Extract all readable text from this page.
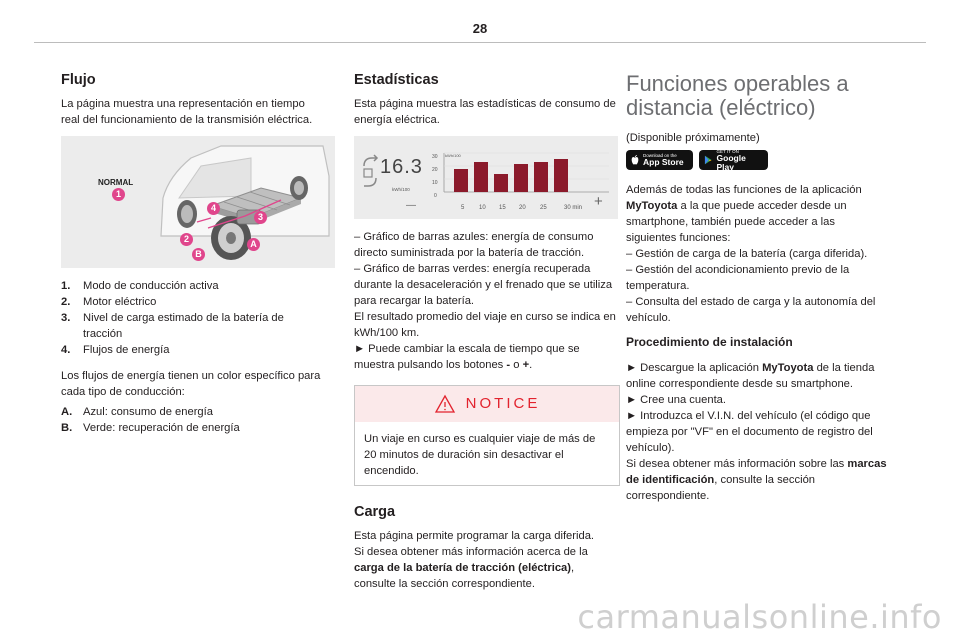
28
Flujo

La página muestra una representación en tiempo real del funcionamiento de la transmisión eléctrica.

NORMAL
1
4
3
2	A
B
1.	Modo de conducción activa
2.	Motor eléctrico
3.	Nivel de carga estimado de la batería de tracción
4.	Flujos de energía

Los flujos de energía tienen un color específico para cada tipo de conducción:

A. Azul: consumo de energía
B. Verde: recuperación de energía
Estadísticas

Esta página muestra las estadísticas de consumo de energía eléctrica.

16.3
kWh/100
kWh/100
30
20
10
0
—	5 10 15 20 25	30 min +

– Gráfico de barras azules: energía de consumo directo suministrada por la batería de tracción.

– Gráfico de barras verdes: energía recuperada durante la desaceleración y el frenado que se utiliza para recargar la batería.

El resultado promedio del viaje en curso se indica en kWh/100 km.

► Puede cambiar la escala de tiempo que se muestra pulsando los botones - o +.

NOTICE
Un viaje en curso es cualquier viaje de más de 20 minutos de duración sin desactivar el encendido.
Carga

Esta página permite programar la carga diferida.

Si desea obtener más información acerca de la carga de la batería de tracción (eléctrica), consulte la sección correspondiente.

Funciones operables a distancia (eléctrico)

(Disponible próximamente)

Download on the
App Store
GET IT ON
Google Play

Además de todas las funciones de la aplicación MyToyota a la que puede acceder desde un smartphone, también puede acceder a las siguientes funciones:

– Gestión de carga de la batería (carga diferida).

– Gestión del acondicionamiento previo de la temperatura.

– Consulta del estado de carga y la autonomía del vehículo.

Procedimiento de instalación

► Descargue la aplicación MyToyota de la tienda online correspondiente desde su smartphone.

► Cree una cuenta.

► Introduzca el V.I.N. del vehículo (el código que empieza por "VF" en el documento de registro del vehículo).

Si desea obtener más información sobre las marcas de identificación, consulte la sección correspondiente.

carmanualsonline.info
